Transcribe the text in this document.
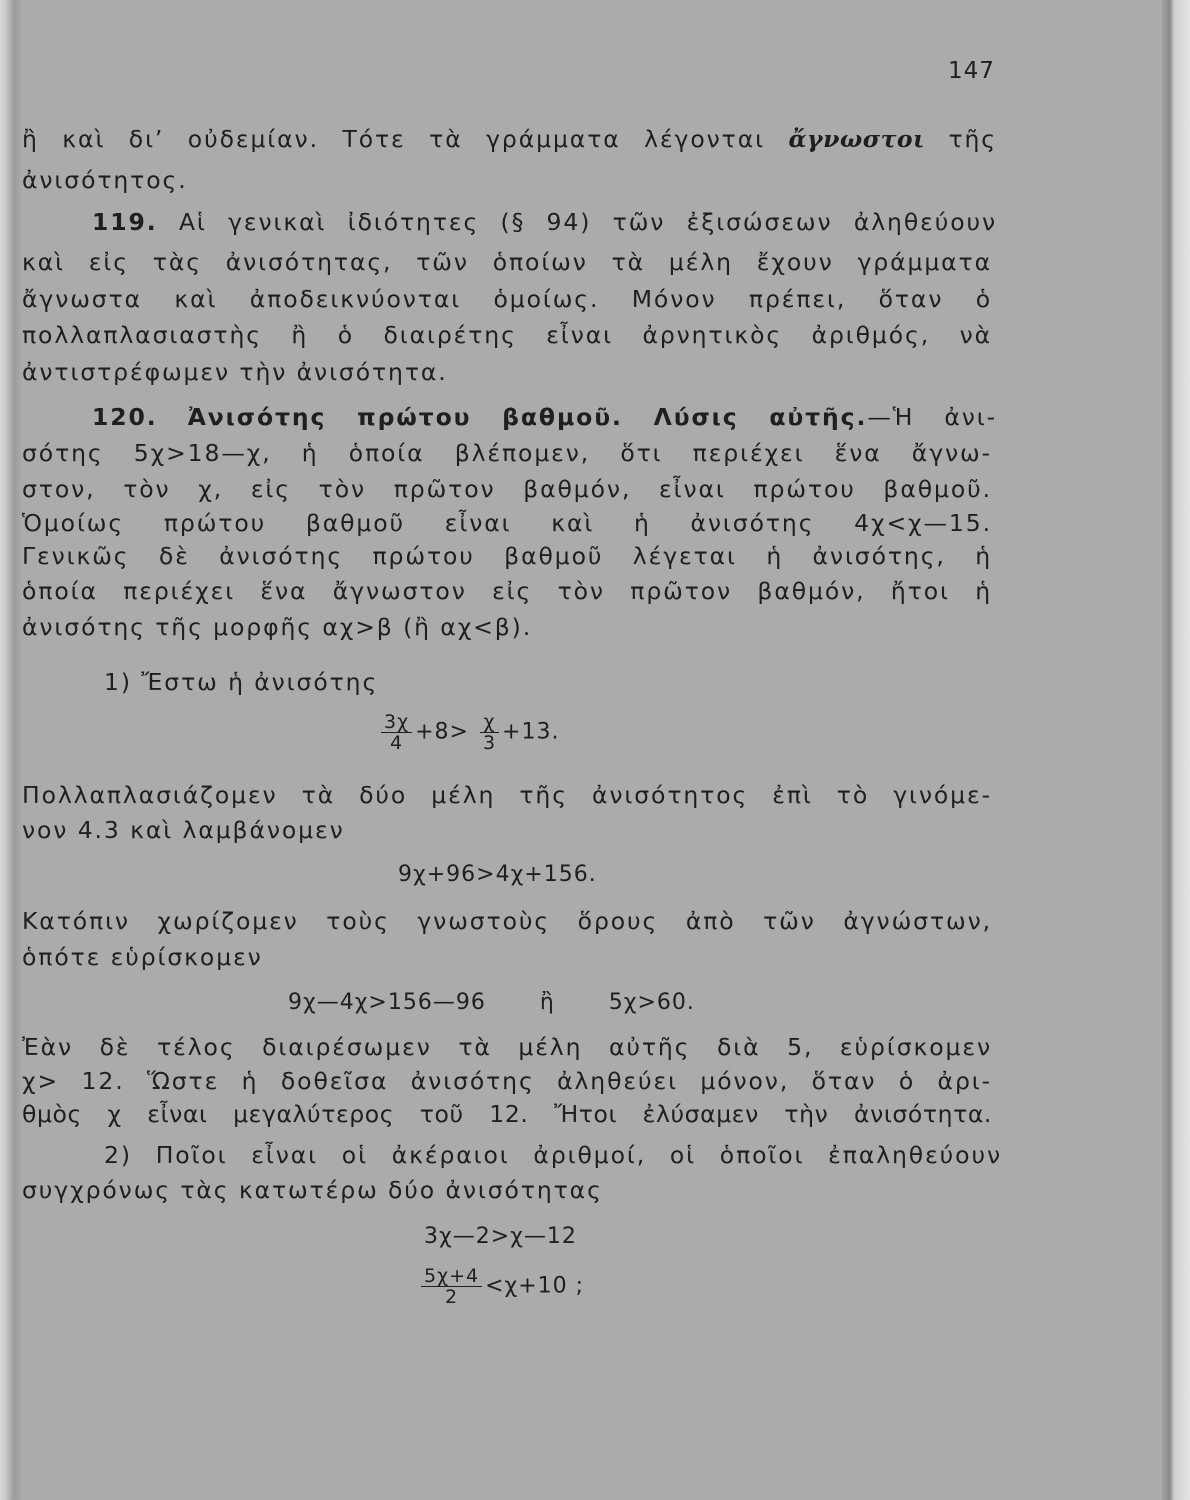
147
ἢ καὶ δι’ οὐδεμίαν. Τότε τὰ γράμματα λέγονται ἄγνωστοι τῆς
ἀνισότητος.
119. Αἱ γενικαὶ ἰδιότητες (§ 94) τῶν ἐξισώσεων ἀληθεύουν
καὶ εἰς τὰς ἀνισότητας, τῶν ὁποίων τὰ μέλη ἔχουν γράμματα
ἄγνωστα καὶ ἀποδεικνύονται ὁμοίως. Μόνον πρέπει, ὅταν ὁ
πολλαπλασιαστὴς ἢ ὁ διαιρέτης εἶναι ἀρνητικὸς ἀριθμός, νὰ
ἀντιστρέφωμεν τὴν ἀνισότητα.
120. Ἀνισότης πρώτου βαθμοῦ. Λύσις αὐτῆς.—Ἡ ἀνι-
σότης 5χ>18—χ, ἡ ὁποία βλέπομεν, ὅτι περιέχει ἕνα ἄγνω-
στον, τὸν χ, εἰς τὸν πρῶτον βαθμόν, εἶναι πρώτου βαθμοῦ.
Ὁμοίως πρώτου βαθμοῦ εἶναι καὶ ἡ ἀνισότης 4χ<χ—15.
Γενικῶς δὲ ἀνισότης πρώτου βαθμοῦ λέγεται ἡ ἀνισότης, ἡ
ὁποία περιέχει ἕνα ἄγνωστον εἰς τὸν πρῶτον βαθμόν, ἤτοι ἡ
ἀνισότης τῆς μορφῆς αχ>β (ἢ αχ<β).
1) Ἔστω ἡ ἀνισότης
$\frac{3\chi}{4} +8> \frac{\chi}{3} +13$.
Πολλαπλασιάζομεν τὰ δύο μέλη τῆς ἀνισότητος ἐπὶ τὸ γινόμε-
νον 4.3 καὶ λαμβάνομεν
9χ+96>4χ+156.
Κατόπιν χωρίζομεν τοὺς γνωστοὺς ὅρους ἀπὸ τῶν ἀγνώστων,
ὁπότε εὑρίσκομεν
9χ—4χ>156—96 ἢ 5χ>60.
Ἐὰν δὲ τέλος διαιρέσωμεν τὰ μέλη αὐτῆς διὰ 5, εὑρίσκομεν
χ> 12. Ὥστε ἡ δοθεῖσα ἀνισότης ἀληθεύει μόνον, ὅταν ὁ ἀρι-
θμὸς χ εἶναι μεγαλύτερος τοῦ 12. Ἤτοι ἐλύσαμεν τὴν ἀνισότητα.
2) Ποῖοι εἶναι οἱ ἀκέραιοι ἀριθμοί, οἱ ὁποῖοι ἐπαληθεύουν
συγχρόνως τὰς κατωτέρω δύο ἀνισότητας
3χ—2>χ—12
$\frac{5\chi+4}{2} <\chi+10$ ;
